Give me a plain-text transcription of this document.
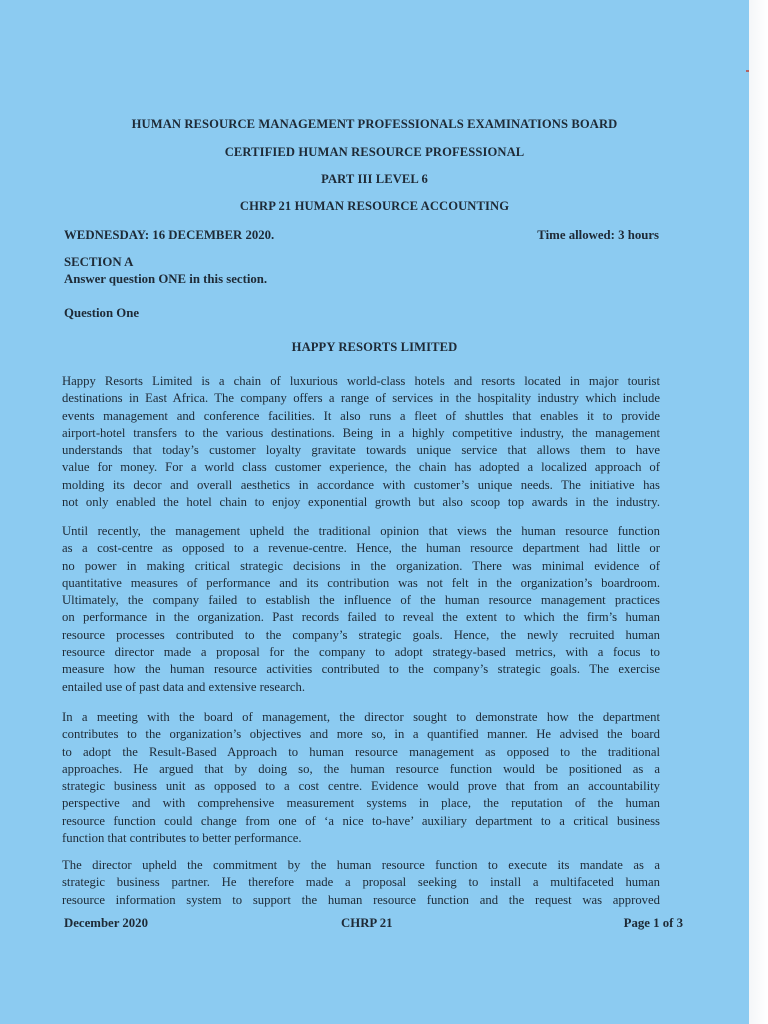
HUMAN RESOURCE MANAGEMENT PROFESSIONALS EXAMINATIONS BOARD
CERTIFIED HUMAN RESOURCE PROFESSIONAL
PART III LEVEL 6
CHRP 21 HUMAN RESOURCE ACCOUNTING
WEDNESDAY: 16 DECEMBER 2020.	Time allowed: 3 hours
SECTION A
Answer question ONE in this section.
Question One
HAPPY RESORTS LIMITED
Happy Resorts Limited is a chain of luxurious world-class hotels and resorts located in major tourist
destinations in East Africa. The company offers a range of services in the hospitality industry which include
events management and conference facilities. It also runs a fleet of shuttles that enables it to provide
airport-hotel transfers to the various destinations. Being in a highly competitive industry, the management
understands that today’s customer loyalty gravitate towards unique service that allows them to have
value for money. For a world class customer experience, the chain has adopted a localized approach of
molding its decor and overall aesthetics in accordance with customer’s unique needs. The initiative has
not only enabled the hotel chain to enjoy exponential growth but also scoop top awards in the industry.
Until recently, the management upheld the traditional opinion that views the human resource function
as a cost-centre as opposed to a revenue-centre. Hence, the human resource department had little or
no power in making critical strategic decisions in the organization. There was minimal evidence of
quantitative measures of performance and its contribution was not felt in the organization’s boardroom.
Ultimately, the company failed to establish the influence of the human resource management practices
on performance in the organization. Past records failed to reveal the extent to which the firm’s human
resource processes contributed to the company’s strategic goals. Hence, the newly recruited human
resource director made a proposal for the company to adopt strategy-based metrics, with a focus to
measure how the human resource activities contributed to the company’s strategic goals. The exercise
entailed use of past data and extensive research.
In a meeting with the board of management, the director sought to demonstrate how the department
contributes to the organization’s objectives and more so, in a quantified manner. He advised the board
to adopt the Result-Based Approach to human resource management as opposed to the traditional
approaches. He argued that by doing so, the human resource function would be positioned as a
strategic business unit as opposed to a cost centre. Evidence would prove that from an accountability
perspective and with comprehensive measurement systems in place, the reputation of the human
resource function could change from one of ‘a nice to-have’ auxiliary department to a critical business
function that contributes to better performance.
The director upheld the commitment by the human resource function to execute its mandate as a
strategic business partner. He therefore made a proposal seeking to install a multifaceted human
resource information system to support the human resource function and the request was approved
December 2020	CHRP 21	Page 1 of 3
